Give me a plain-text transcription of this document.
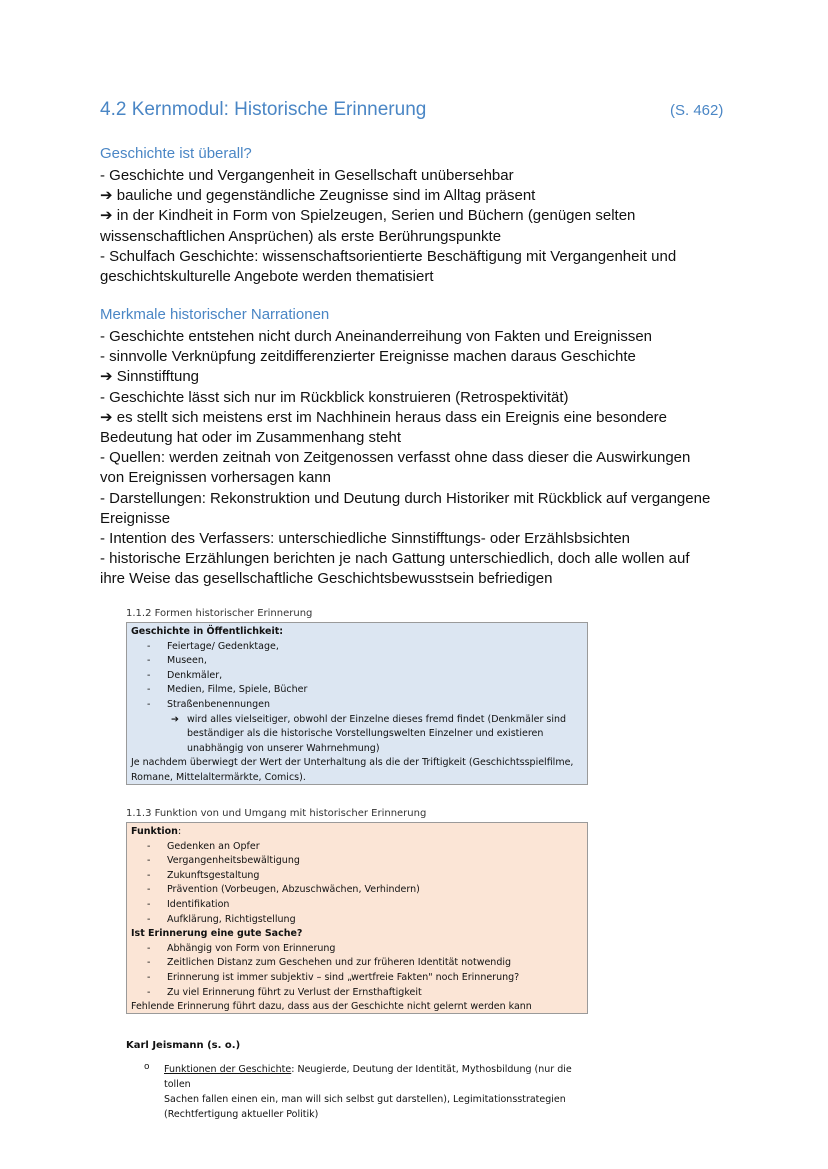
4.2 Kernmodul: Historische Erinnerung	(S. 462)
Geschichte ist überall?
- Geschichte und Vergangenheit in Gesellschaft unübersehbar
➔ bauliche und gegenständliche Zeugnisse sind im Alltag präsent
➔ in der Kindheit in Form von Spielzeugen, Serien und Büchern (genügen selten
wissenschaftlichen Ansprüchen) als erste Berührungspunkte
- Schulfach Geschichte: wissenschaftsorientierte Beschäftigung mit Vergangenheit und
geschichtskulturelle Angebote werden thematisiert
Merkmale historischer Narrationen
- Geschichte entstehen nicht durch Aneinanderreihung von Fakten und Ereignissen
- sinnvolle Verknüpfung zeitdifferenzierter Ereignisse machen daraus Geschichte
➔ Sinnstifftung
- Geschichte lässt sich nur im Rückblick konstruieren (Retrospektivität)
➔ es stellt sich meistens erst im Nachhinein heraus dass ein Ereignis eine besondere
Bedeutung hat oder im Zusammenhang steht
- Quellen: werden zeitnah von Zeitgenossen verfasst ohne dass dieser die Auswirkungen
von Ereignissen vorhersagen kann
- Darstellungen: Rekonstruktion und Deutung durch Historiker mit Rückblick auf vergangene
Ereignisse
- Intention des Verfassers: unterschiedliche Sinnstifftungs- oder Erzählsbsichten
- historische Erzählungen berichten je nach Gattung unterschiedlich, doch alle wollen auf
ihre Weise das gesellschaftliche Geschichtsbewusstsein befriedigen
1.1.2 Formen historischer Erinnerung
Geschichte in Öffentlichkeit:
- Feiertage/ Gedenktage,
- Museen,
- Denkmäler,
- Medien, Filme, Spiele, Bücher
- Straßenbenennungen
➔ wird alles vielseitiger, obwohl der Einzelne dieses fremd findet (Denkmäler sind
beständiger als die historische Vorstellungswelten Einzelner und existieren
unabhängig von unserer Wahrnehmung)
Je nachdem überwiegt der Wert der Unterhaltung als die der Triftigkeit (Geschichtsspielfilme,
Romane, Mittelaltermärkte, Comics).
1.1.3 Funktion von und Umgang mit historischer Erinnerung
Funktion:
- Gedenken an Opfer
- Vergangenheitsbewältigung
- Zukunftsgestaltung
- Prävention (Vorbeugen, Abzuschwächen, Verhindern)
- Identifikation
- Aufklärung, Richtigstellung
Ist Erinnerung eine gute Sache?
- Abhängig von Form von Erinnerung
- Zeitlichen Distanz zum Geschehen und zur früheren Identität notwendig
- Erinnerung ist immer subjektiv – sind „wertfreie Fakten" noch Erinnerung?
- Zu viel Erinnerung führt zu Verlust der Ernsthaftigkeit
Fehlende Erinnerung führt dazu, dass aus der Geschichte nicht gelernt werden kann
Karl Jeismann (s. o.)
o Funktionen der Geschichte: Neugierde, Deutung der Identität, Mythosbildung (nur die tollen
Sachen fallen einen ein, man will sich selbst gut darstellen), Legimitationsstrategien
(Rechtfertigung aktueller Politik)
